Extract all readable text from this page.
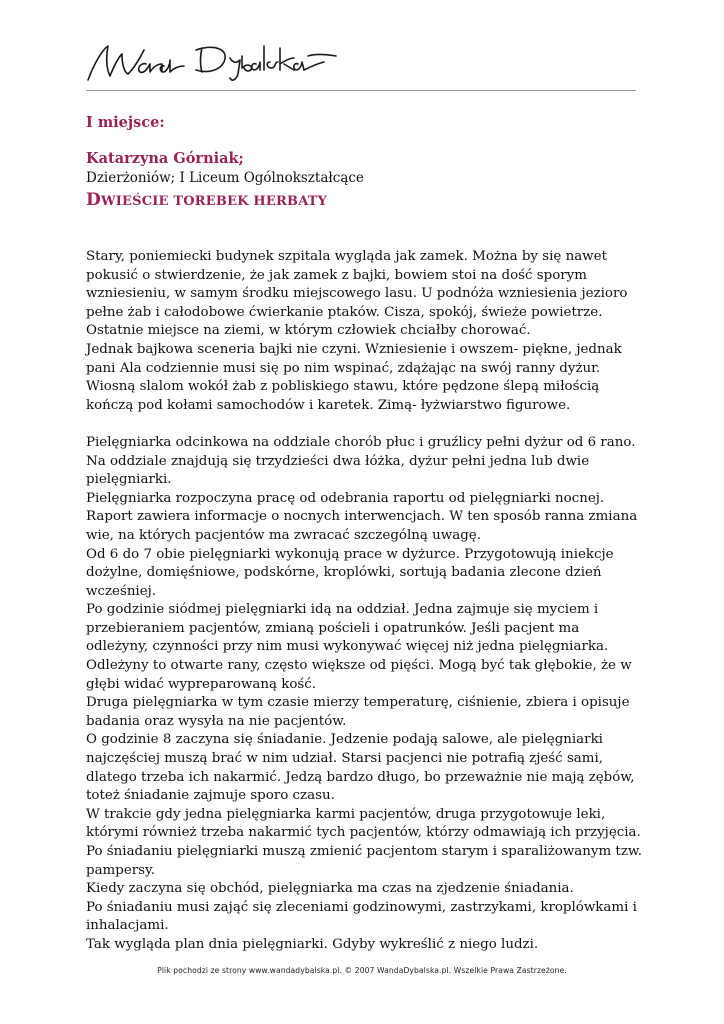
I miejsce:
Katarzyna Górniak;
Dzierżoniów; I Liceum Ogólnokształcące
DWIEŚCIE TOREBEK HERBATY

Stary, poniemiecki budynek szpitala wygląda jak zamek. Można by się nawet pokusić o stwierdzenie, że jak zamek z bajki, bowiem stoi na dość sporym wzniesieniu, w samym środku miejscowego lasu. U podnóża wzniesienia jezioro pełne żab i całodobowe ćwierkanie ptaków. Cisza, spokój, świeże powietrze.

Ostatnie miejsce na ziemi, w którym człowiek chciałby chorować.

Jednak bajkowa sceneria bajki nie czyni. Wzniesienie i owszem- piękne, jednak pani Ala codziennie musi się po nim wspinać, zdążając na swój ranny dyżur. Wiosną slalom wokół żab z pobliskiego stawu, które pędzone ślepą miłością kończą pod kołami samochodów i karetek. Zimą- łyżwiarstwo figurowe.

Pielęgniarka odcinkowa na oddziale chorób płuc i gruźlicy pełni dyżur od 6 rano. Na oddziale znajdują się trzydzieści dwa łóżka, dyżur pełni jedna lub dwie pielęgniarki.

Pielęgniarka rozpoczyna pracę od odebrania raportu od pielęgniarki nocnej. Raport zawiera informacje o nocnych interwencjach. W ten sposób ranna zmiana wie, na których pacjentów ma zwracać szczególną uwagę.

Od 6 do 7 obie pielęgniarki wykonują prace w dyżurce. Przygotowują iniekcje dożylne, domięśniowe, podskórne, kroplówki, sortują badania zlecone dzień wcześniej.

Po godzinie siódmej pielęgniarki idą na oddział. Jedna zajmuje się myciem i przebieraniem pacjentów, zmianą pościeli i opatrunków. Jeśli pacjent ma odleżyny, czynności przy nim musi wykonywać więcej niż jedna pielęgniarka. Odleżyny to otwarte rany, często większe od pięści. Mogą być tak głębokie, że w głębi widać wypreparowaną kość.

Druga pielęgniarka w tym czasie mierzy temperaturę, ciśnienie, zbiera i opisuje badania oraz wysyła na nie pacjentów.

O godzinie 8 zaczyna się śniadanie. Jedzenie podają salowe, ale pielęgniarki najczęściej muszą brać w nim udział. Starsi pacjenci nie potrafią zjeść sami, dlatego trzeba ich nakarmić. Jedzą bardzo długo, bo przeważnie nie mają zębów, toteż śniadanie zajmuje sporo czasu.

W trakcie gdy jedna pielęgniarka karmi pacjentów, druga przygotowuje leki, którymi również trzeba nakarmić tych pacjentów, którzy odmawiają ich przyjęcia.

Po śniadaniu pielęgniarki muszą zmienić pacjentom starym i sparaliżowanym tzw. pampersy.

Kiedy zaczyna się obchód, pielęgniarka ma czas na zjedzenie śniadania.

Po śniadaniu musi zająć się zleceniami godzinowymi, zastrzykami, kroplówkami i inhalacjami.

Tak wygląda plan dnia pielęgniarki. Gdyby wykreślić z niego ludzi.

Plik pochodzi ze strony www.wandadybalska.pl. © 2007 WandaDybalska.pl. Wszelkie Prawa Zastrzeżone.
